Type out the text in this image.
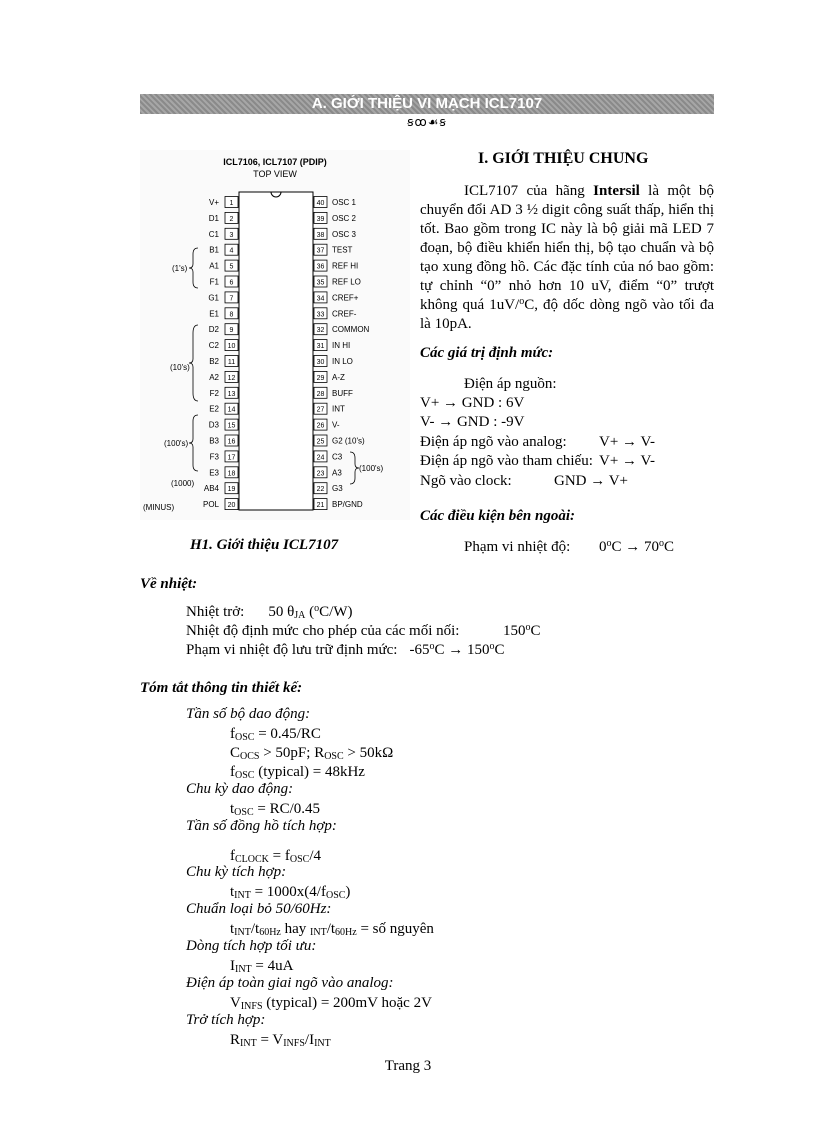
A. GIỚI THIỆU VI MẠCH ICL7107
ꞩꝏ☙ꞩ
ICL7106, ICL7107 (PDIP)
TOP VIEW
1
V+
2
D1
3
C1
4
B1
5
A1
6
F1
7
G1
8
E1
9
D2
10
C2
11
B2
12
A2
13
F2
14
E2
15
D3
16
B3
17
F3
18
E3
19
AB4
20
POL
40 OSC 1
39 OSC 2
38 OSC 3
37 TEST
36 REF HI
35 REF LO
34 CREF+
33 CREF-
32 COMMON
31 IN HI
30 IN LO
29 A-Z
28 BUFF
27 INT
26 V-
25 G2 (10's)
24 C3
23 A3
22 G3
21 BP/GND
(1's)
(10's)
(100's)
(100's)
(1000)
(MINUS)
H1. Giới thiệu ICL7107
I. GIỚI THIỆU CHUNG
ICL7107 của hãng Intersil là một bộ chuyển đổi AD 3 ½ digit công suất thấp, hiển thị tốt. Bao gồm trong IC này là bộ giải mã LED 7 đoạn, bộ điều khiển hiển thị, bộ tạo chuẩn và bộ tạo xung đồng hồ. Các đặc tính của nó bao gồm: tự chỉnh “0” nhỏ hơn 10 uV, điểm “0” trượt không quá 1uV/$^o$C, độ dốc dòng ngõ vào tối đa là 10pA.
Các giá trị định mức:
Điện áp nguồn:
V+ → GND : 6V
V- → GND : -9V
Điện áp ngõ vào analog: V+ → V-
Điện áp ngõ vào tham chiếu: V+ → V-
Ngõ vào clock:	GND → V+
Các điều kiện bên ngoài:
Phạm vi nhiệt độ: $0^oC \to 70^oC$
Về nhiệt:
Nhiệt trở: 50 $\theta_{JA}$ ($^o$C/W)
Nhiệt độ định mức cho phép của các mối nối:	150$^o$C
Phạm vi nhiệt độ lưu trữ định mức: $-65^oC \to 150^oC$
Tóm tắt thông tin thiết kế:
Tần số bộ dao động:
$f_{OSC} = 0.45/RC$
$C_{OCS} > 50pF$; $R_{OSC} > 50k\Omega$
$f_{OSC}$ (typical) = 48kHz
Chu kỳ dao động:
$t_{OSC} = RC/0.45$
Tần số đồng hồ tích hợp:
$f_{CLOCK} = f_{OSC}/4$
Chu kỳ tích hợp:
$t_{INT} = 1000x(4/f_{OSC})$
Chuẩn loại bỏ 50/60Hz:
$t_{INT}/t_{60Hz}$ hay $_{INT}/t_{60Hz}$ = số nguyên
Dòng tích hợp tối ưu:
$I_{INT} = 4uA$
Điện áp toàn giai ngõ vào analog:
$V_{INFS}$ (typical) = 200mV hoặc 2V
Trở tích hợp:
$R_{INT} = V_{INFS}/I_{INT}$
Trang 3
